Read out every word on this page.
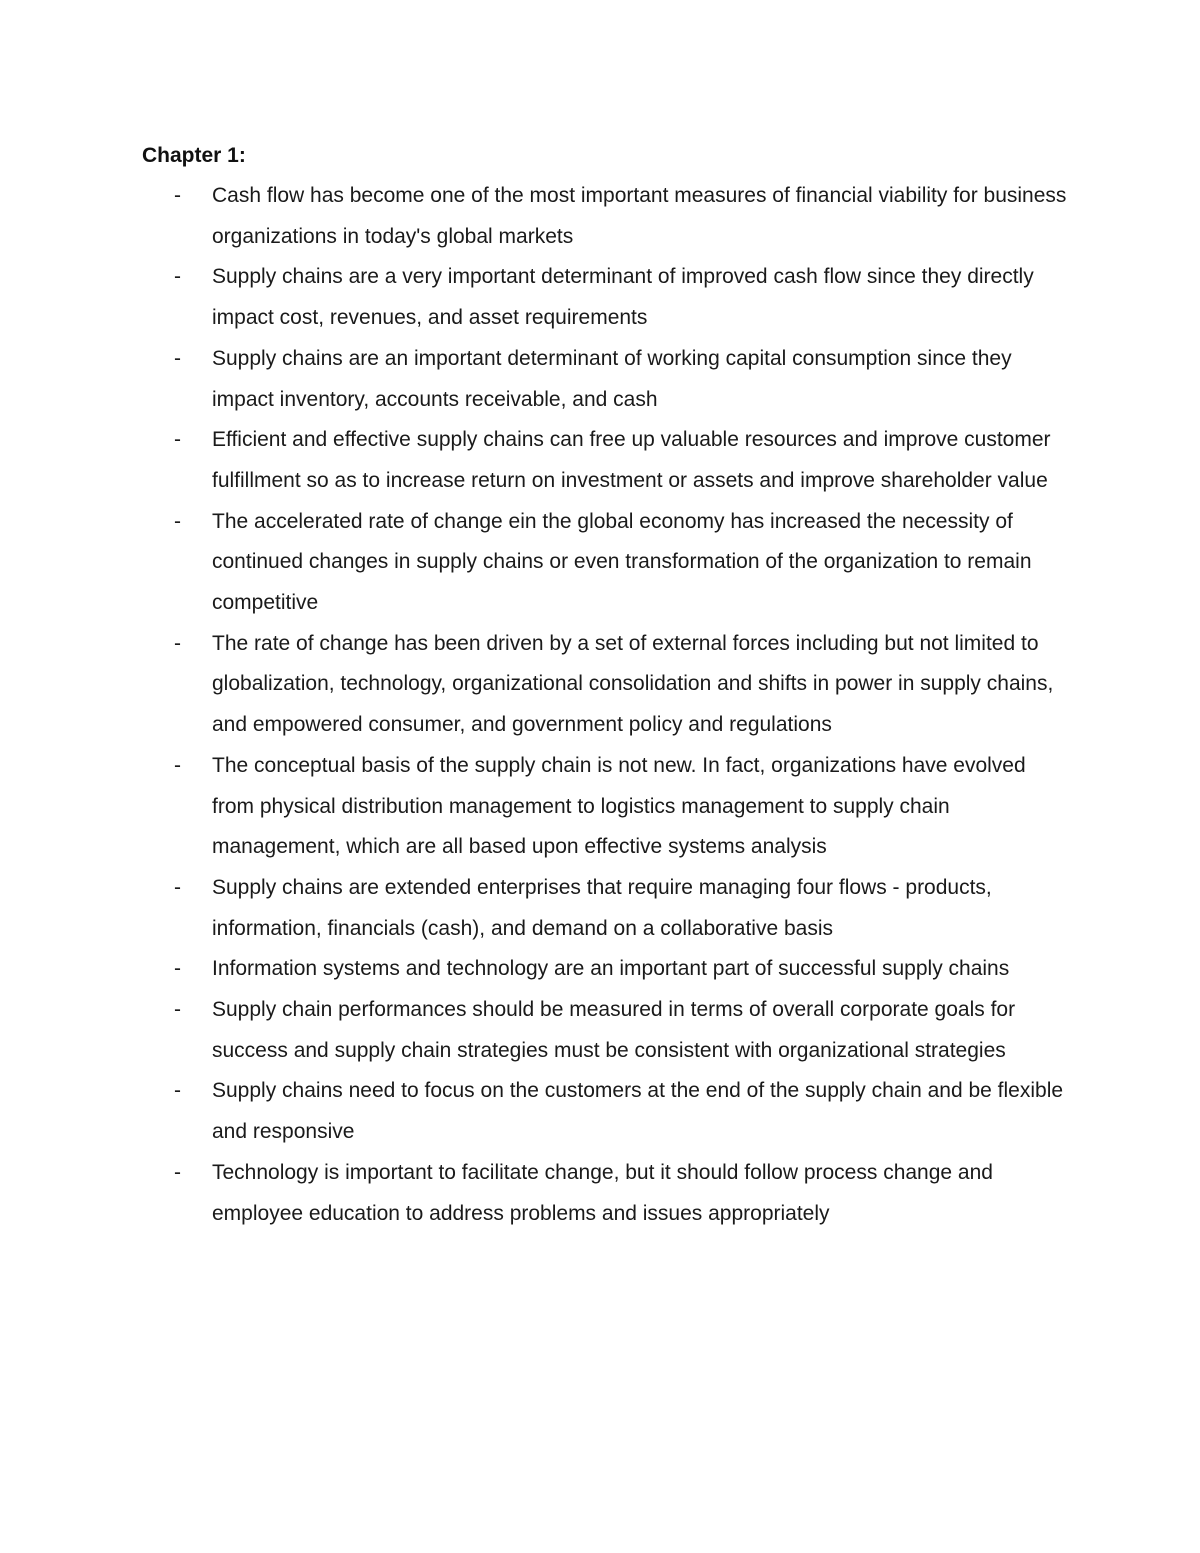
Chapter 1:
- Cash flow has become one of the most important measures of financial viability for business organizations in today's global markets
- Supply chains are a very important determinant of improved cash flow since they directly impact cost, revenues, and asset requirements
- Supply chains are an important determinant of working capital consumption since they impact inventory, accounts receivable, and cash
- Efficient and effective supply chains can free up valuable resources and improve customer fulfillment so as to increase return on investment or assets and improve shareholder value
- The accelerated rate of change ein the global economy has increased the necessity of continued changes in supply chains or even transformation of the organization to remain competitive
- The rate of change has been driven by a set of external forces including but not limited to globalization, technology, organizational consolidation and shifts in power in supply chains, and empowered consumer, and government policy and regulations
- The conceptual basis of the supply chain is not new. In fact, organizations have evolved from physical distribution management to logistics management to supply chain management, which are all based upon effective systems analysis
- Supply chains are extended enterprises that require managing four flows - products, information, financials (cash), and demand on a collaborative basis
- Information systems and technology are an important part of successful supply chains
- Supply chain performances should be measured in terms of overall corporate goals for success and supply chain strategies must be consistent with organizational strategies
- Supply chains need to focus on the customers at the end of the supply chain and be flexible and responsive
- Technology is important to facilitate change, but it should follow process change and employee education to address problems and issues appropriately
